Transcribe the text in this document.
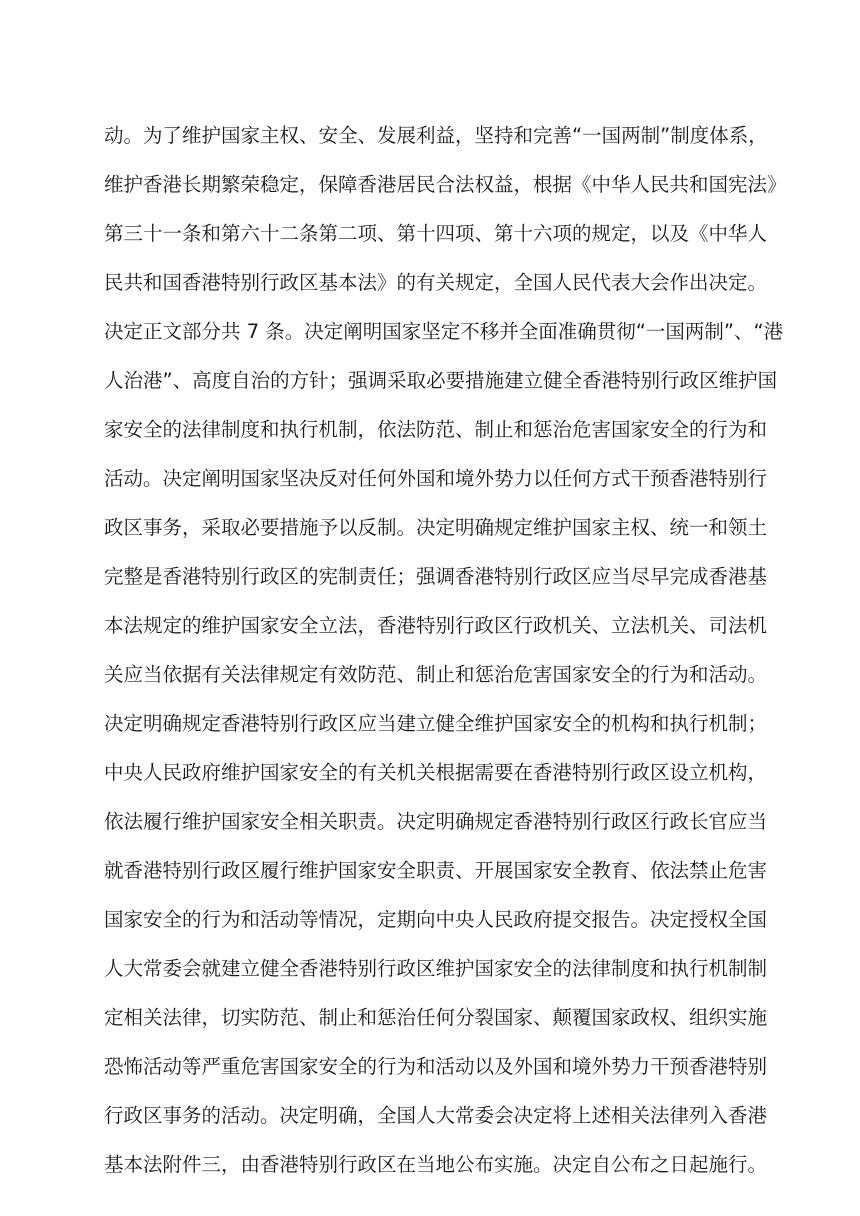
动。为了维护国家主权、安全、发展利益，坚持和完善“一国两制”制度体系，
维护香港长期繁荣稳定，保障香港居民合法权益，根据《中华人民共和国宪法》
第三十一条和第六十二条第二项、第十四项、第十六项的规定，以及《中华人
民共和国香港特别行政区基本法》的有关规定，全国人民代表大会作出决定。
决定正文部分共 7 条。决定阐明国家坚定不移并全面准确贯彻“一国两制”、“港
人治港”、高度自治的方针；强调采取必要措施建立健全香港特别行政区维护国
家安全的法律制度和执行机制，依法防范、制止和惩治危害国家安全的行为和
活动。决定阐明国家坚决反对任何外国和境外势力以任何方式干预香港特别行
政区事务，采取必要措施予以反制。决定明确规定维护国家主权、统一和领土
完整是香港特别行政区的宪制责任；强调香港特别行政区应当尽早完成香港基
本法规定的维护国家安全立法，香港特别行政区行政机关、立法机关、司法机
关应当依据有关法律规定有效防范、制止和惩治危害国家安全的行为和活动。
决定明确规定香港特别行政区应当建立健全维护国家安全的机构和执行机制；
中央人民政府维护国家安全的有关机关根据需要在香港特别行政区设立机构，
依法履行维护国家安全相关职责。决定明确规定香港特别行政区行政长官应当
就香港特别行政区履行维护国家安全职责、开展国家安全教育、依法禁止危害
国家安全的行为和活动等情况，定期向中央人民政府提交报告。决定授权全国
人大常委会就建立健全香港特别行政区维护国家安全的法律制度和执行机制制
定相关法律，切实防范、制止和惩治任何分裂国家、颠覆国家政权、组织实施
恐怖活动等严重危害国家安全的行为和活动以及外国和境外势力干预香港特别
行政区事务的活动。决定明确，全国人大常委会决定将上述相关法律列入香港
基本法附件三，由香港特别行政区在当地公布实施。决定自公布之日起施行。
